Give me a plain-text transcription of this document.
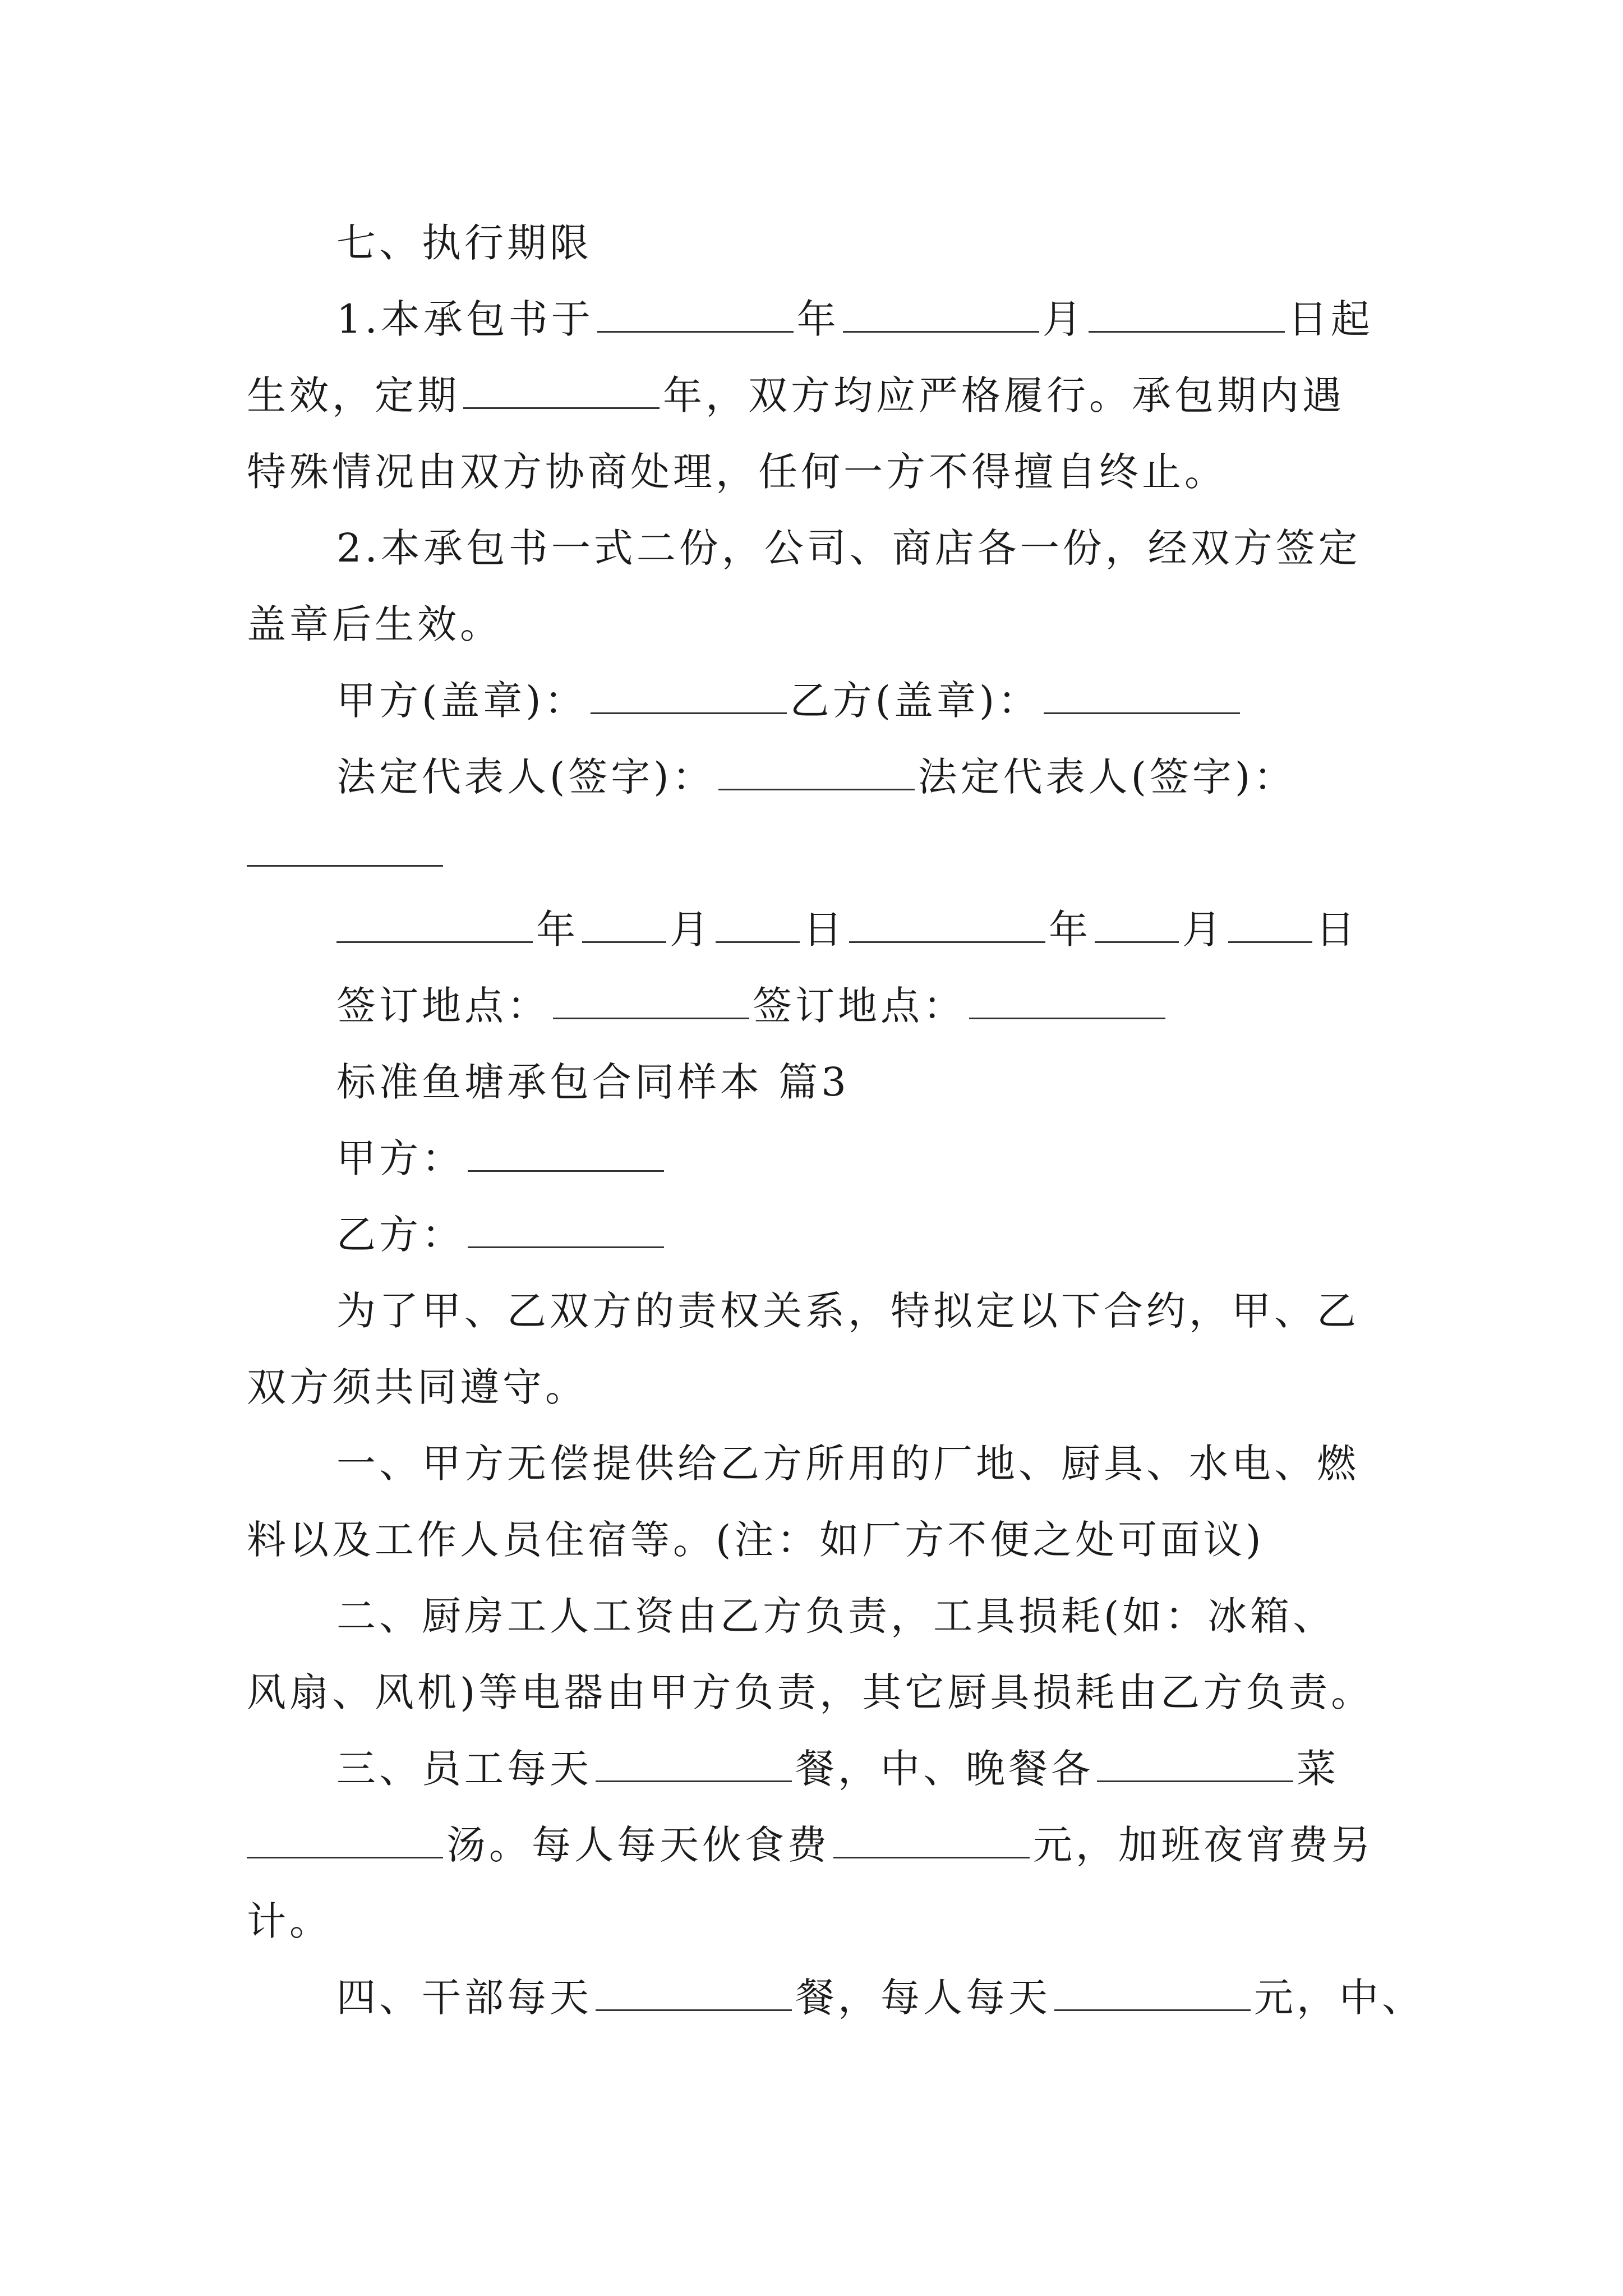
七、执行期限
1.本承包书于	年	月	日起
生效，定期	年，双方均应严格履行。承包期内遇
特殊情况由双方协商处理，任何一方不得擅自终止。
2.本承包书一式二份，公司、商店各一份，经双方签定
盖章后生效。
甲方(盖章)：	乙方(盖章)：
法定代表人(签字)：	法定代表人(签字)：
年 月 日	年 月 日
签订地点：	签订地点：
标准鱼塘承包合同样本 篇3
甲方：
乙方：
为了甲、乙双方的责权关系，特拟定以下合约，甲、乙
双方须共同遵守。
一、甲方无偿提供给乙方所用的厂地、厨具、水电、燃
料以及工作人员住宿等。(注：如厂方不便之处可面议)
二、厨房工人工资由乙方负责，工具损耗(如：冰箱、
风扇、风机)等电器由甲方负责，其它厨具损耗由乙方负责。
三、员工每天	餐，中、晚餐各	菜
汤。每人每天伙食费	元，加班夜宵费另
计。
四、干部每天	餐，每人每天	元，中、
